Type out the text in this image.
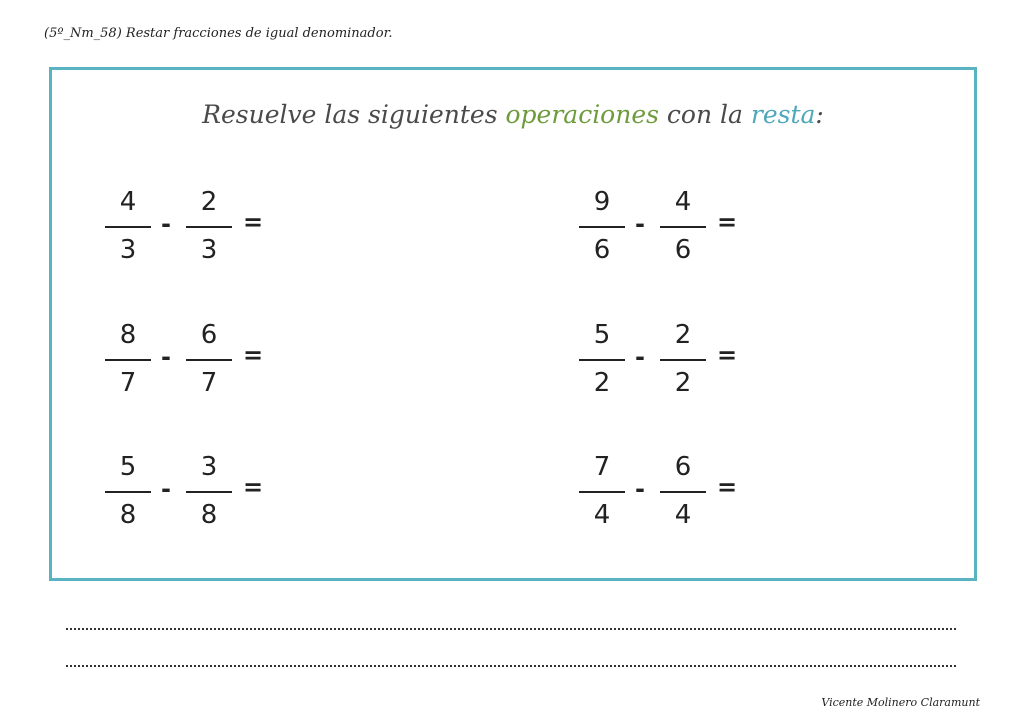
(5º_Nm_58) Restar fracciones de igual denominador.
Resuelve las siguientes operaciones con la resta:
4
3
-
2
3
=
9
6
-
4
6
=
8
7
-
6
7
=
5
2
-
2
2
=
5
8
-
3
8
=
7
4
-
6
4
=
Vicente Molinero Claramunt
